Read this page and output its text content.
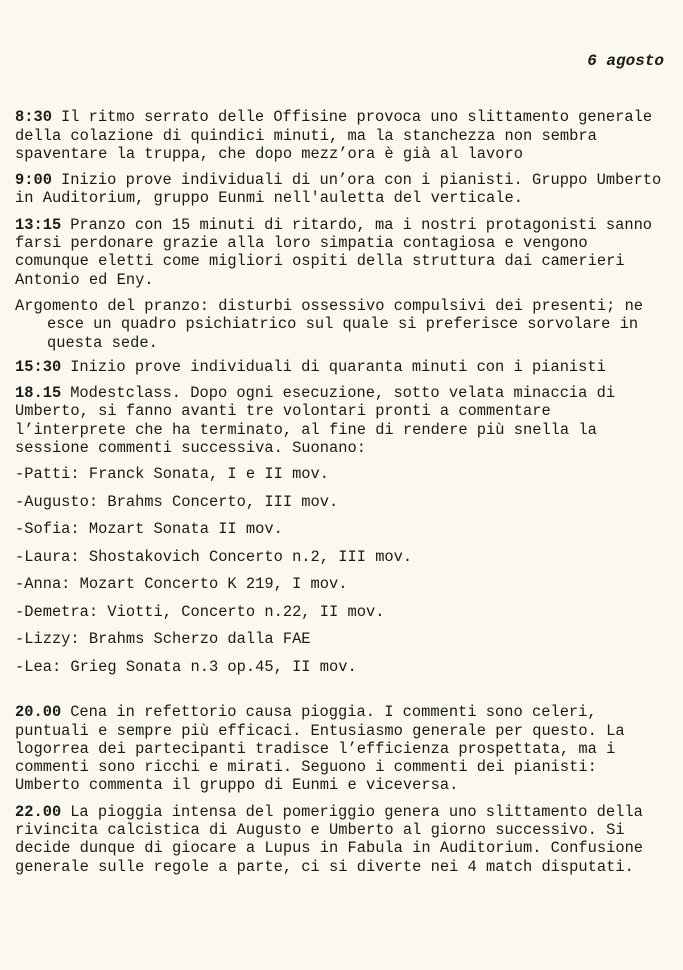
6 agosto

8:30 Il ritmo serrato delle Offisine provoca uno slittamento generale della colazione di quindici minuti, ma la stanchezza non sembra spaventare la truppa, che dopo mezz’ora è già al lavoro

9:00 Inizio prove individuali di un’ora con i pianisti. Gruppo Umberto in Auditorium, gruppo Eunmi nell'auletta del verticale.

13:15 Pranzo con 15 minuti di ritardo, ma i nostri protagonisti sanno farsi perdonare grazie alla loro simpatia contagiosa e vengono comunque eletti come migliori ospiti della struttura dai camerieri Antonio ed Eny.

Argomento del pranzo: disturbi ossessivo compulsivi dei presenti; ne esce un quadro psichiatrico sul quale si preferisce sorvolare in questa sede.

15:30 Inizio prove individuali di quaranta minuti con i pianisti

18.15 Modestclass. Dopo ogni esecuzione, sotto velata minaccia di Umberto, si fanno avanti tre volontari pronti a commentare l’interprete che ha terminato, al fine di rendere più snella la sessione commenti successiva. Suonano:

-Patti: Franck Sonata, I e II mov.
-Augusto: Brahms Concerto, III mov.
-Sofia: Mozart Sonata II mov.
-Laura: Shostakovich Concerto n.2, III mov.
-Anna: Mozart Concerto K 219, I mov.
-Demetra: Viotti, Concerto n.22, II mov.
-Lizzy: Brahms Scherzo dalla FAE
-Lea: Grieg Sonata n.3 op.45, II mov.

20.00 Cena in refettorio causa pioggia. I commenti sono celeri, puntuali e sempre più efficaci. Entusiasmo generale per questo. La logorrea dei partecipanti tradisce l’efficienza prospettata, ma i commenti sono ricchi e mirati. Seguono i commenti dei pianisti: Umberto commenta il gruppo di Eunmi e viceversa.

22.00 La pioggia intensa del pomeriggio genera uno slittamento della rivincita calcistica di Augusto e Umberto al giorno successivo. Si decide dunque di giocare a Lupus in Fabula in Auditorium. Confusione generale sulle regole a parte, ci si diverte nei 4 match disputati.
